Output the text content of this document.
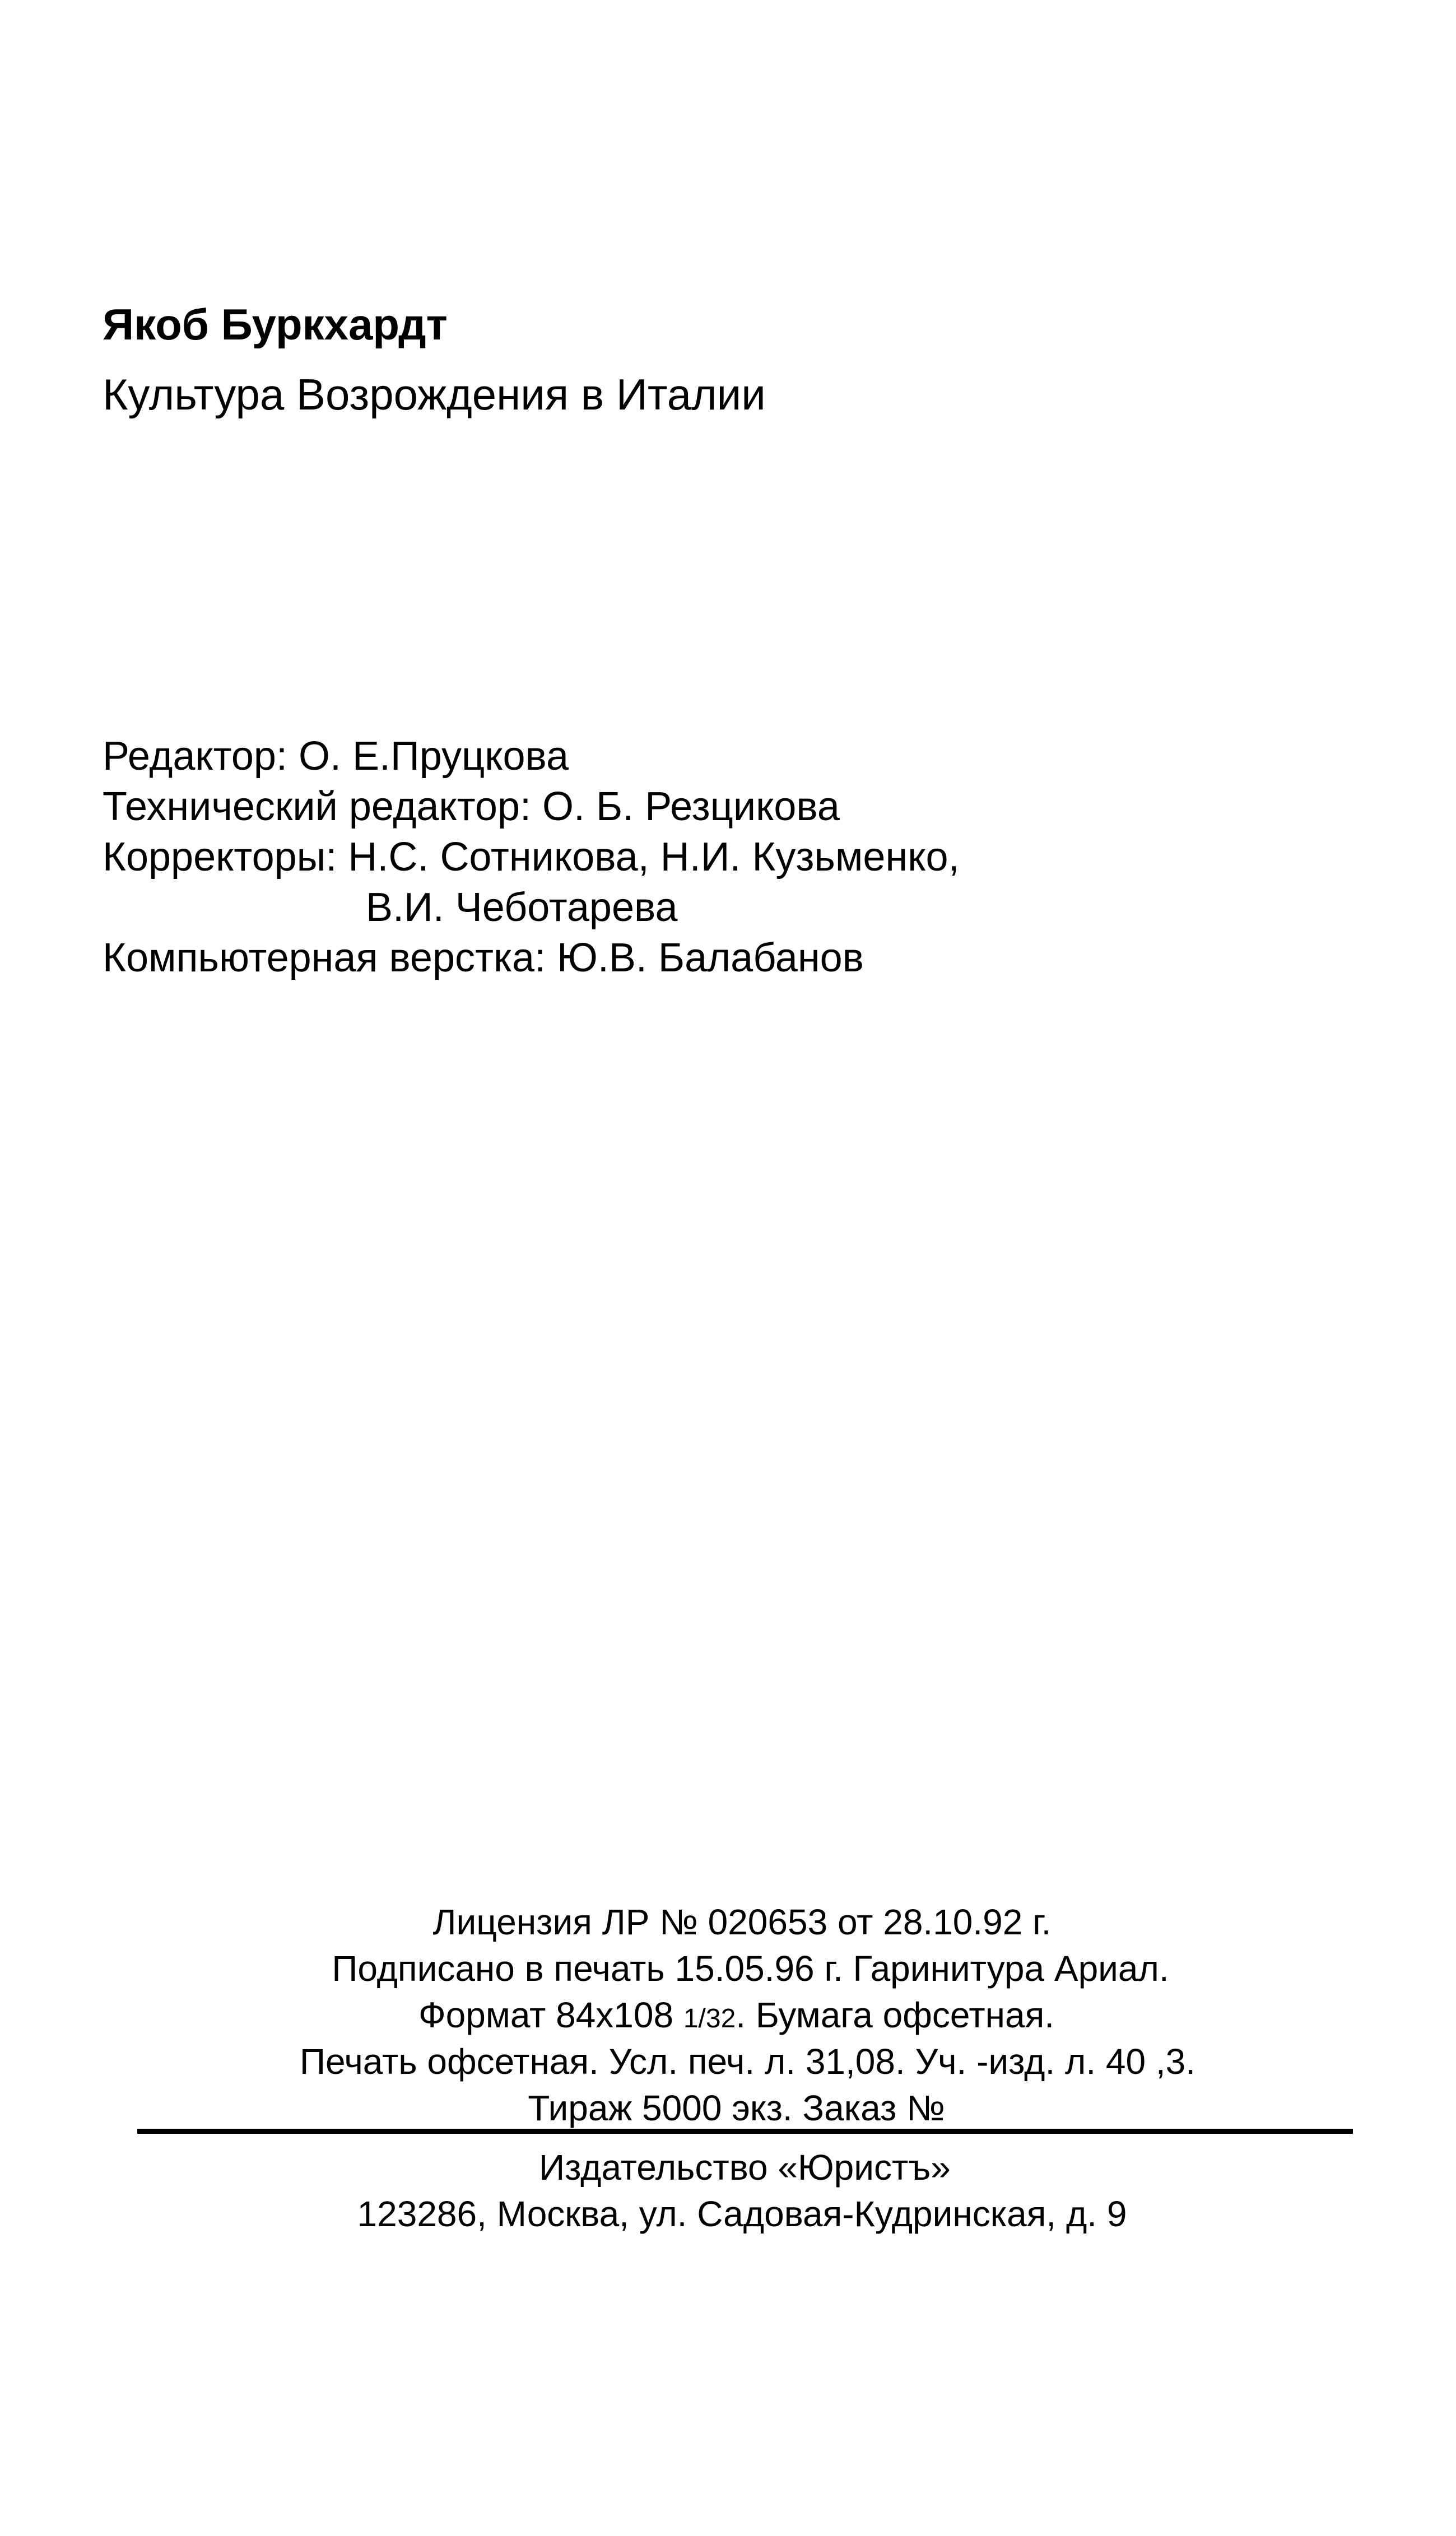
Якоб Буркхардт
Культура Возрождения в Италии
Редактор: О. Е.Пруцкова
Технический редактор: О. Б. Резцикова
Корректоры: Н.С. Сотникова, Н.И. Кузьменко,
В.И. Чеботарева
Компьютерная верстка: Ю.В. Балабанов
Лицензия ЛР № 020653 от 28.10.92 г.
Подписано в печать 15.05.96 г. Гаринитура Ариал.
Формат 84x108 1/32. Бумага офсетная.
Печать офсетная. Усл. печ. л. 31,08. Уч. -изд. л. 40 ,3.
Тираж 5000 экз. Заказ №
Издательство «Юристъ»
123286, Москва, ул. Садовая-Кудринская, д. 9
